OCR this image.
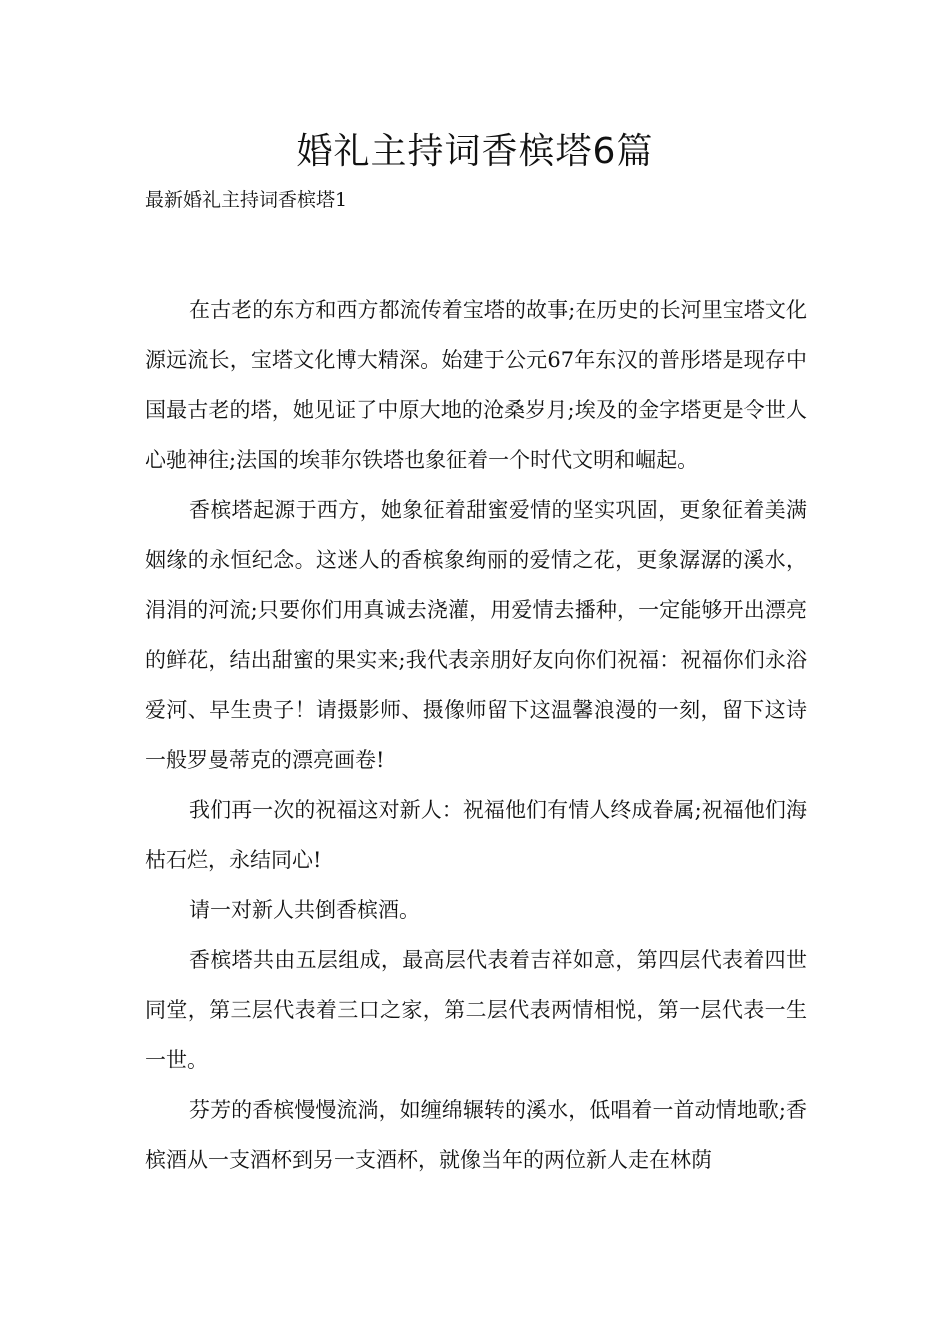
婚礼主持词香槟塔6篇

最新婚礼主持词香槟塔1

在古老的东方和西方都流传着宝塔的故事;在历史的长河里宝塔文化源远流长，宝塔文化博大精深。始建于公元67年东汉的普彤塔是现存中国最古老的塔，她见证了中原大地的沧桑岁月;埃及的金字塔更是令世人心驰神往;法国的埃菲尔铁塔也象征着一个时代文明和崛起。

香槟塔起源于西方，她象征着甜蜜爱情的坚实巩固，更象征着美满姻缘的永恒纪念。这迷人的香槟象绚丽的爱情之花，更象潺潺的溪水，涓涓的河流;只要你们用真诚去浇灌，用爱情去播种，一定能够开出漂亮的鲜花，结出甜蜜的果实来;我代表亲朋好友向你们祝福：祝福你们永浴爱河、早生贵子！请摄影师、摄像师留下这温馨浪漫的一刻，留下这诗一般罗曼蒂克的漂亮画卷!

我们再一次的祝福这对新人：祝福他们有情人终成眷属;祝福他们海枯石烂，永结同心!

请一对新人共倒香槟酒。

香槟塔共由五层组成，最高层代表着吉祥如意，第四层代表着四世同堂，第三层代表着三口之家，第二层代表两情相悦，第一层代表一生一世。

芬芳的香槟慢慢流淌，如缠绵辗转的溪水，低唱着一首动情地歌;香槟酒从一支酒杯到另一支酒杯，就像当年的两位新人走在林荫
